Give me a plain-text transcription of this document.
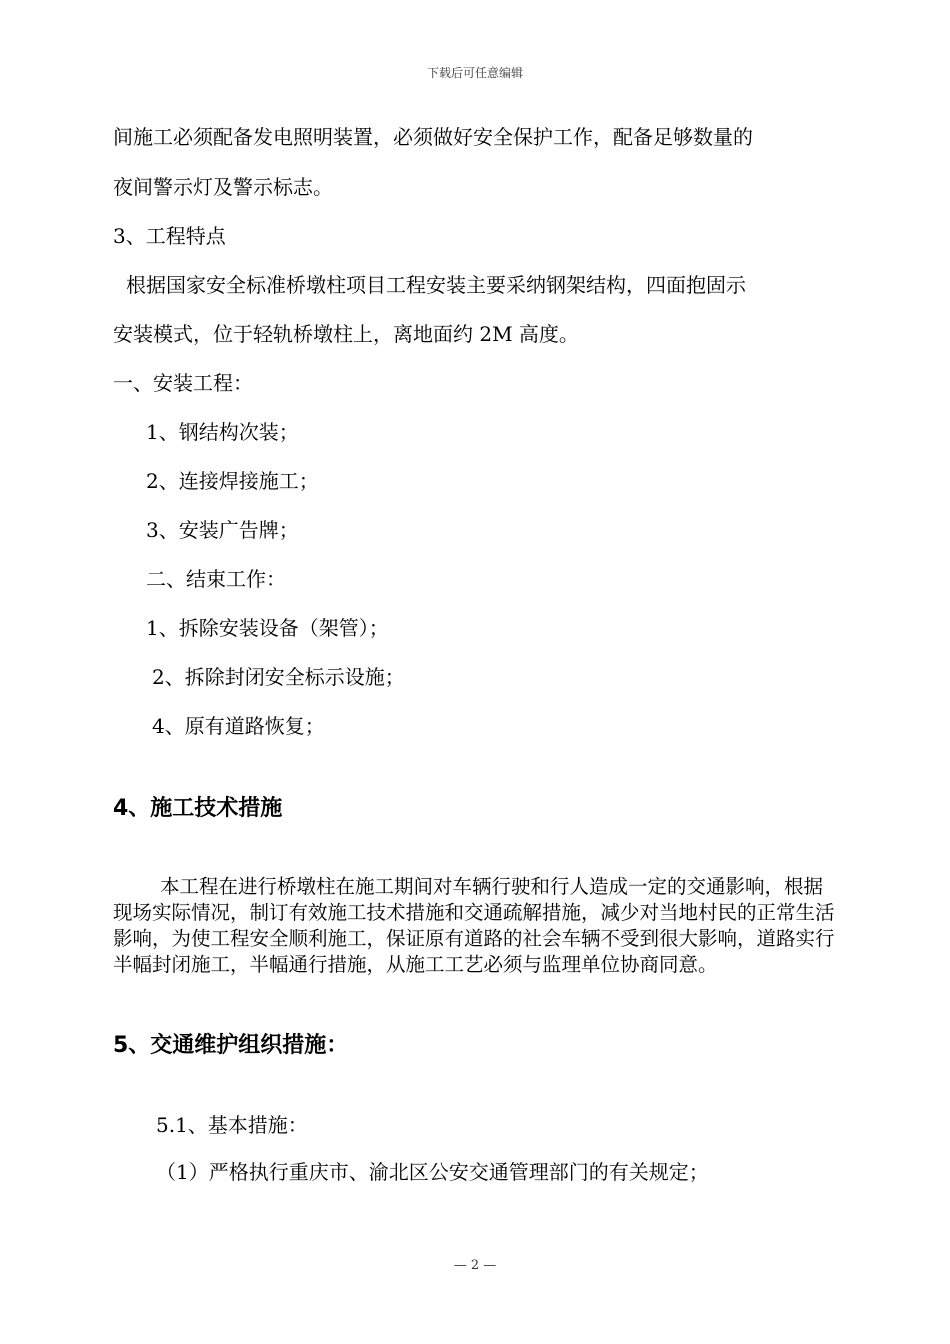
下载后可任意编辑
间施工必须配备发电照明装置，必须做好安全保护工作，配备足够数量的
夜间警示灯及警示标志。
3、工程特点
根据国家安全标准桥墩柱项目工程安装主要采纳钢架结构，四面抱固示
安装模式，位于轻轨桥墩柱上，离地面约 2M 高度。
一、安装工程：
1、钢结构次装；
2、连接焊接施工；
3、安装广告牌；
二、结束工作：
1、拆除安装设备（架管）；
2、拆除封闭安全标示设施；
4、原有道路恢复；
4、施工技术措施

本工程在进行桥墩柱在施工期间对车辆行驶和行人造成一定的交通影响，根据现场实际情况，制订有效施工技术措施和交通疏解措施，减少对当地村民的正常生活影响，为使工程安全顺利施工，保证原有道路的社会车辆不受到很大影响，道路实行半幅封闭施工，半幅通行措施，从施工工艺必须与监理单位协商同意。

5、交通维护组织措施：
5.1、基本措施：
（1）严格执行重庆市、渝北区公安交通管理部门的有关规定；
— 2 —
